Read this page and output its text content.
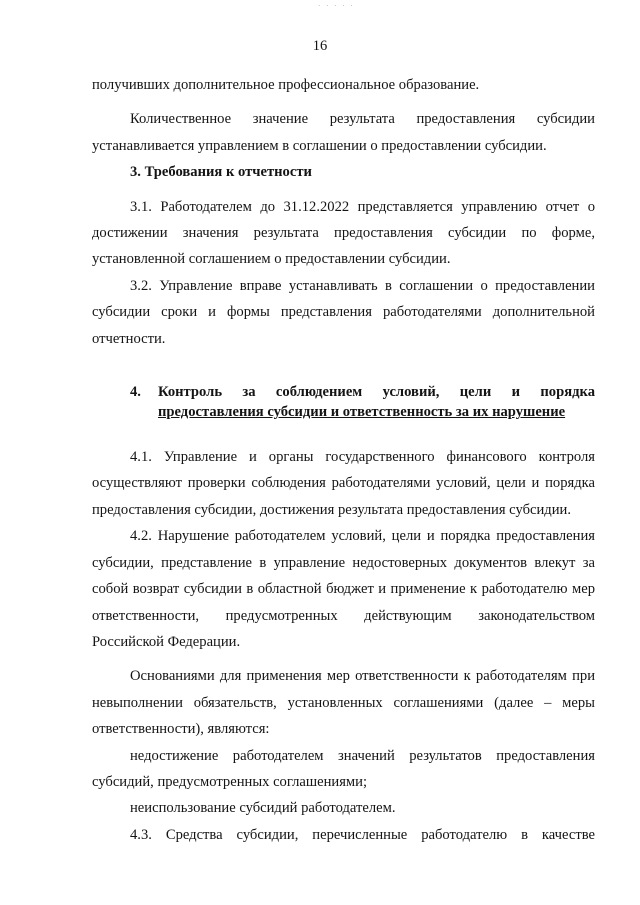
· · · · ·
16

получивших дополнительное профессиональное образование.

Количественное значение результата предоставления субсидии устанавливается управлением в соглашении о предоставлении субсидии.

3. Требования к отчетности

3.1. Работодателем до 31.12.2022 представляется управлению отчет о достижении значения результата предоставления субсидии по форме, установленной соглашением о предоставлении субсидии.

3.2. Управление вправе устанавливать в соглашении о предоставлении субсидии сроки и формы представления работодателями дополнительной отчетности.

4.	Контроль за соблюдением условий, цели и порядка
предоставления субсидии и ответственность за их нарушение

4.1. Управление и органы государственного финансового контроля осуществляют проверки соблюдения работодателями условий, цели и порядка предоставления субсидии, достижения результата предоставления субсидии.

4.2. Нарушение работодателем условий, цели и порядка предоставления субсидии, представление в управление недостоверных документов влекут за собой возврат субсидии в областной бюджет и применение к работодателю мер ответственности, предусмотренных действующим законодательством Российской Федерации.

Основаниями для применения мер ответственности к работодателям при невыполнении обязательств, установленных соглашениями (далее – меры ответственности), являются:

недостижение работодателем значений результатов предоставления субсидий, предусмотренных соглашениями;

неиспользование субсидий работодателем.

4.3. Средства субсидии, перечисленные работодателю в качестве
